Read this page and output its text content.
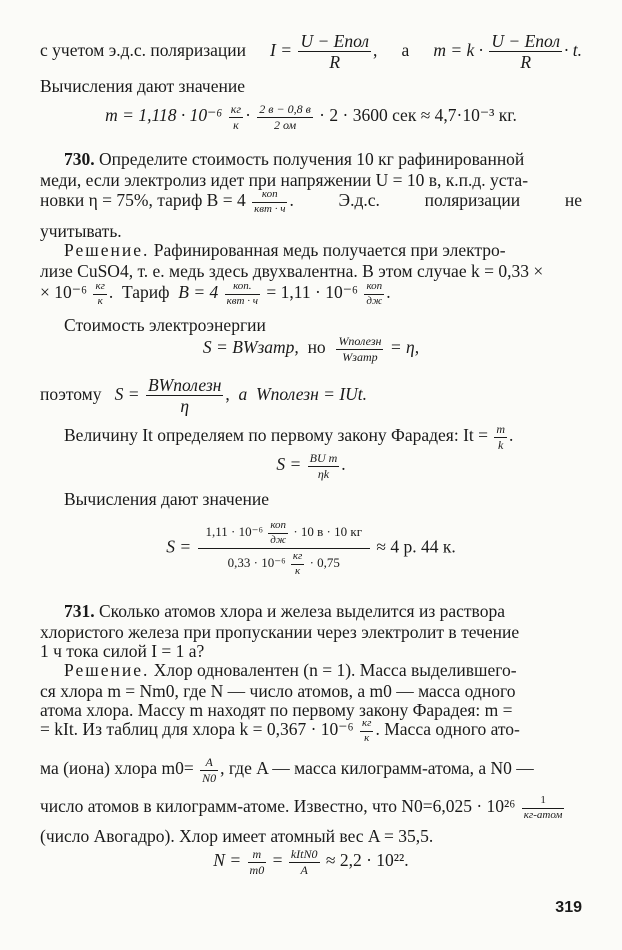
с учетом э.д.с. поляризации $I = \frac{\text{U − Eпол}}{R}$ , а $m = k \cdot \frac{\text{U − Eпол}}{R} \cdot t$.
Вычисления дают значение
$m = 1,118 \cdot 10^{-6} \frac{кг}{к} \cdot \frac{2 в - 0,8 в}{2 ом} \cdot 2 \cdot 3600$ сек ≈ 4,7·10⁻³ кг.
730. Определите стоимость получения 10 кг рафинированной
меди, если электролиз идет при напряжении U = 10 в, к.п.д. уста-
новки η = 75%, тариф $B = 4 \frac{\text{коп}}{\text{квт · ч}}$ .	Э.д.с.	поляризации	не
учитывать.
Решение. Рафинированная медь получается при электро-
лизе CuSO4, т. е. медь здесь двухвалентна. В этом случае k = 0,33 ×
× $10^{-6} \frac{кг}{к}$ .  Тариф $B = 4 \frac{\text{коп.}}{\text{квт · ч}} = 1,11 \cdot 10^{-6} \frac{\text{коп}}{дж}$ .
Стоимость электроэнергии
S = BWзатр, но $\frac{\text{Wполезн}}{\text{Wзатр}} = \eta$,
поэтому $S = \frac{\text{BWполезн}}{\eta}$ ,  а Wполезн = IUt.
Величину It определяем по первому закону Фарадея: $It = \frac{m}{k}$ .
$S = \frac{\text{BU m}}{\eta k}$ .
Вычисления дают значение
$S = \frac{1,11 \cdot 10^{-6} \frac{\text{коп}}{дж} \cdot 10 в \cdot 10 кг}{0,33 \cdot 10^{-6} \frac{кг}{к} \cdot 0,75} \approx 4$ р. 44 к.
731. Сколько атомов хлора и железа выделится из раствора
хлористого железа при пропускании через электролит в течение
1 ч тока силой I = 1 а?
Решение. Хлор одновалентен (n = 1). Масса выделившего-
ся хлора m = Nm0, где N — число атомов, a m0 — масса одного
атома хлора. Массу m находят по первому закону Фарадея: m =
= kIt. Из таблиц для хлора $k = 0,367 \cdot 10^{-6} \frac{кг}{к}$ . Масса одного ато-
ма (иона) хлора $m0= \frac{A}{N0}$ , где A — масса килограмм-атома, а N0 —
число атомов в килограмм-атоме. Известно, что $N0=6,025 \cdot 10^{26} \frac{1}{\text{кг-атом}}$
(число Авогадро). Хлор имеет атомный вес A = 35,5.
$N = \frac{m}{m0} = \frac{\text{kItN0}}{A} \approx 2,2 \cdot 10^{22}$.
319
